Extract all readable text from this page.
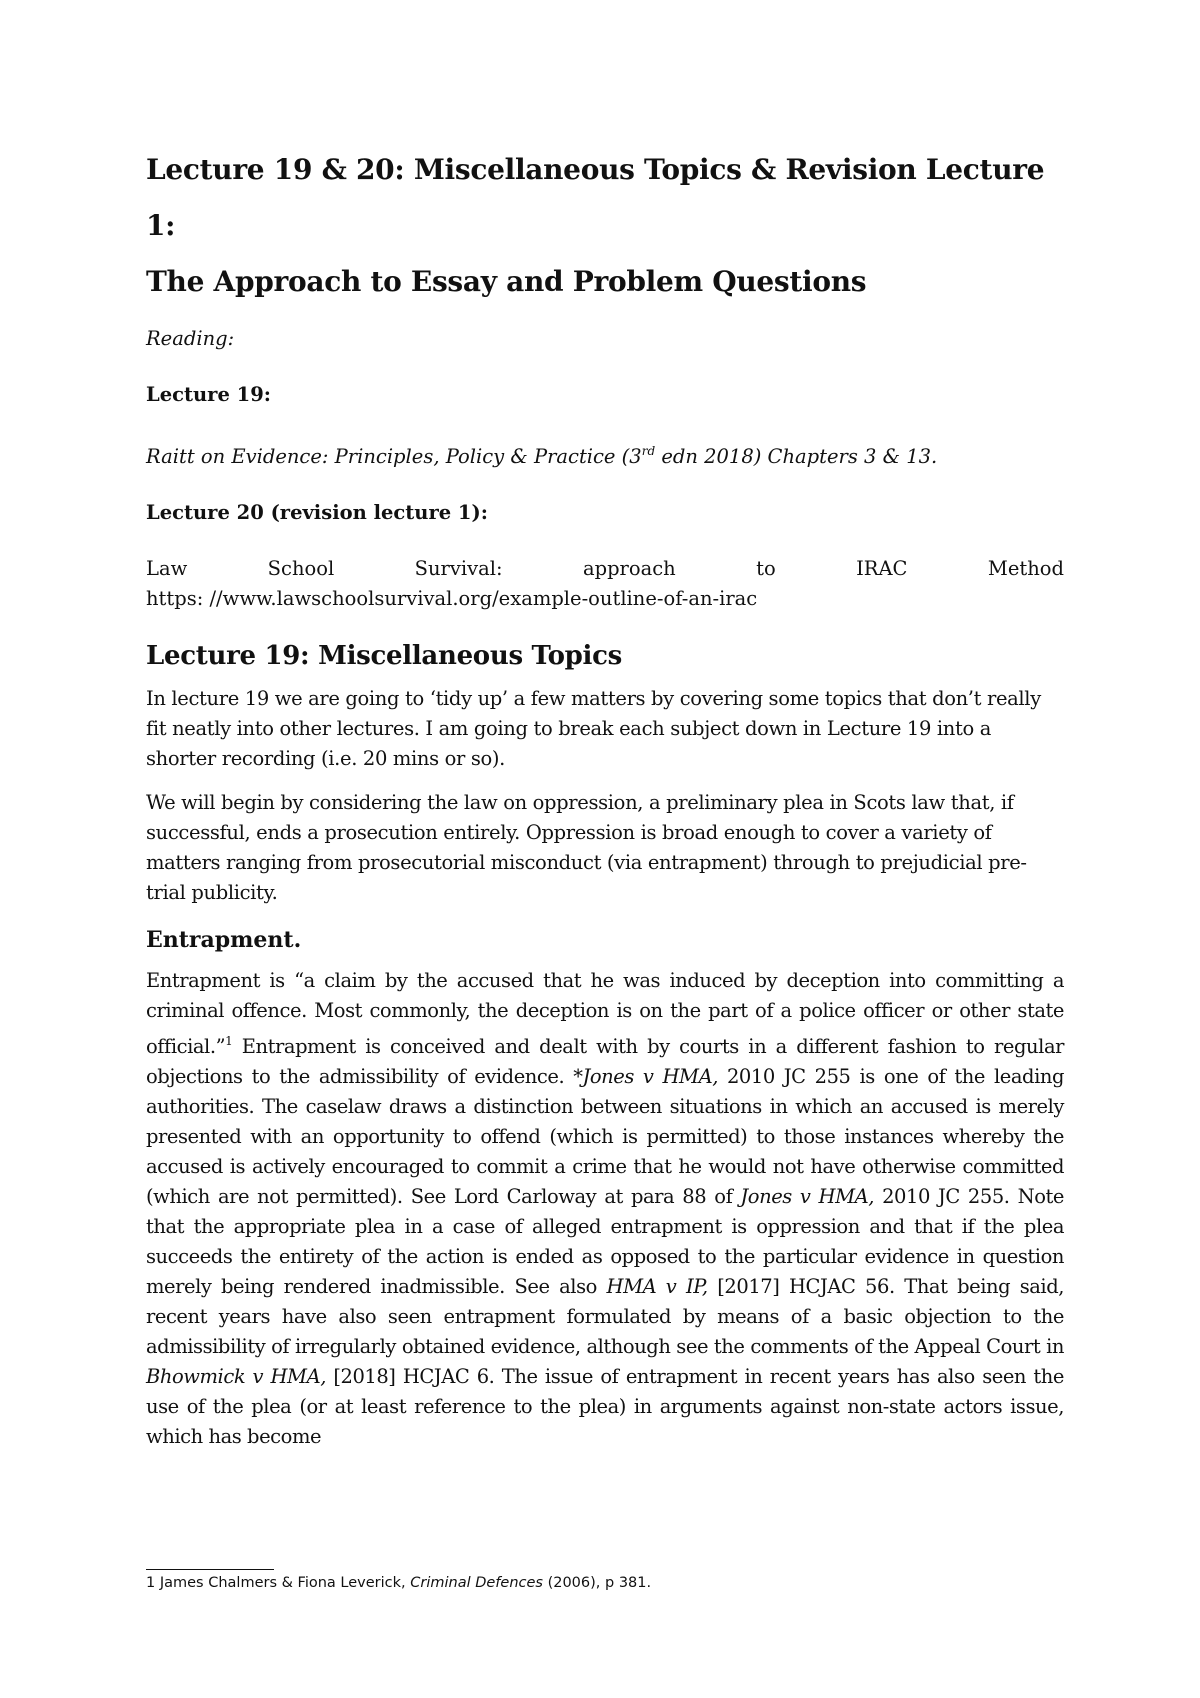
Lecture 19 & 20: Miscellaneous Topics & Revision Lecture 1:
The Approach to Essay and Problem Questions
Reading:
Lecture 19:
Raitt on Evidence: Principles, Policy & Practice (3rd edn 2018) Chapters 3 & 13.
Lecture 20 (revision lecture 1):
Law	School	Survival:	approach	to	IRAC	Method
https: //www.lawschoolsurvival.org/example-outline-of-an-irac
Lecture 19: Miscellaneous Topics

In lecture 19 we are going to ‘tidy up’ a few matters by covering some topics that don’t really fit neatly into other lectures. I am going to break each subject down in Lecture 19 into a shorter recording (i.e. 20 mins or so).

We will begin by considering the law on oppression, a preliminary plea in Scots law that, if successful, ends a prosecution entirely. Oppression is broad enough to cover a variety of matters ranging from prosecutorial misconduct (via entrapment) through to prejudicial pre-trial publicity.

Entrapment.

Entrapment is “a claim by the accused that he was induced by deception into committing a criminal offence. Most commonly, the deception is on the part of a police officer or other state official.”$^1$ Entrapment is conceived and dealt with by courts in a different fashion to regular objections to the admissibility of evidence. *Jones v HMA, 2010 JC 255 is one of the leading authorities. The caselaw draws a distinction between situations in which an accused is merely presented with an opportunity to offend (which is permitted) to those instances whereby the accused is actively encouraged to commit a crime that he would not have otherwise committed (which are not permitted). See Lord Carloway at para 88 of Jones v HMA, 2010 JC 255. Note that the appropriate plea in a case of alleged entrapment is oppression and that if the plea succeeds the entirety of the action is ended as opposed to the particular evidence in question merely being rendered inadmissible. See also HMA v IP, [2017] HCJAC 56. That being said, recent years have also seen entrapment formulated by means of a basic objection to the admissibility of irregularly obtained evidence, although see the comments of the Appeal Court in Bhowmick v HMA, [2018] HCJAC 6. The issue of entrapment in recent years has also seen the use of the plea (or at least reference to the plea) in arguments against non-state actors issue, which has become

1 James Chalmers & Fiona Leverick, Criminal Defences (2006), p 381.
